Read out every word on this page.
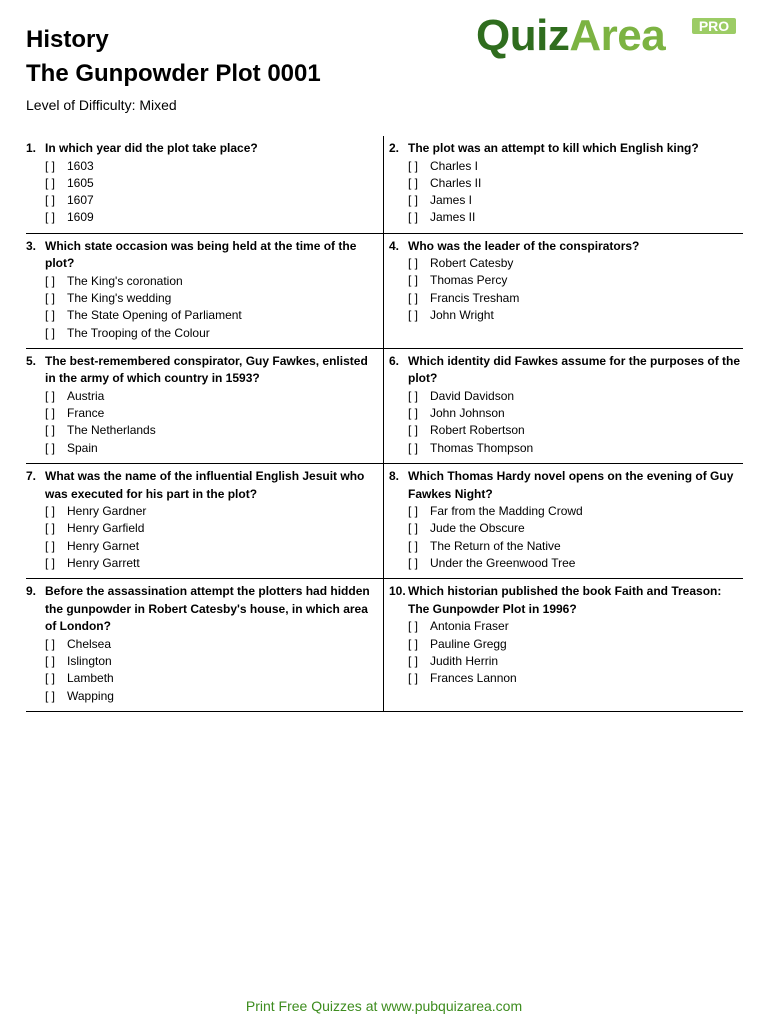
History
The Gunpowder Plot 0001
Level of Difficulty: Mixed
QuizArea	PRO
1. In which year did the plot take place?
[ ] 1603
[ ] 1605
[ ] 1607
[ ] 1609
2. The plot was an attempt to kill which English king?
[ ] Charles I
[ ] Charles II
[ ] James I
[ ] James II
3. Which state occasion was being held at the time of the plot?
[ ] The King's coronation
[ ] The King's wedding
[ ] The State Opening of Parliament
[ ] The Trooping of the Colour
4. Who was the leader of the conspirators?
[ ] Robert Catesby
[ ] Thomas Percy
[ ] Francis Tresham
[ ] John Wright
5. The best-remembered conspirator, Guy Fawkes, enlisted in the army of which country in 1593?
[ ] Austria
[ ] France
[ ] The Netherlands
[ ] Spain
6. Which identity did Fawkes assume for the purposes of the plot?
[ ] David Davidson
[ ] John Johnson
[ ] Robert Robertson
[ ] Thomas Thompson
7. What was the name of the influential English Jesuit who was executed for his part in the plot?
[ ] Henry Gardner
[ ] Henry Garfield
[ ] Henry Garnet
[ ] Henry Garrett
8. Which Thomas Hardy novel opens on the evening of Guy Fawkes Night?
[ ] Far from the Madding Crowd
[ ] Jude the Obscure
[ ] The Return of the Native
[ ] Under the Greenwood Tree
9. Before the assassination attempt the plotters had hidden the gunpowder in Robert Catesby's house, in which area of London?
[ ] Chelsea
[ ] Islington
[ ] Lambeth
[ ] Wapping
10. Which historian published the book Faith and Treason: The Gunpowder Plot in 1996?
[ ] Antonia Fraser
[ ] Pauline Gregg
[ ] Judith Herrin
[ ] Frances Lannon
Print Free Quizzes at www.pubquizarea.com
